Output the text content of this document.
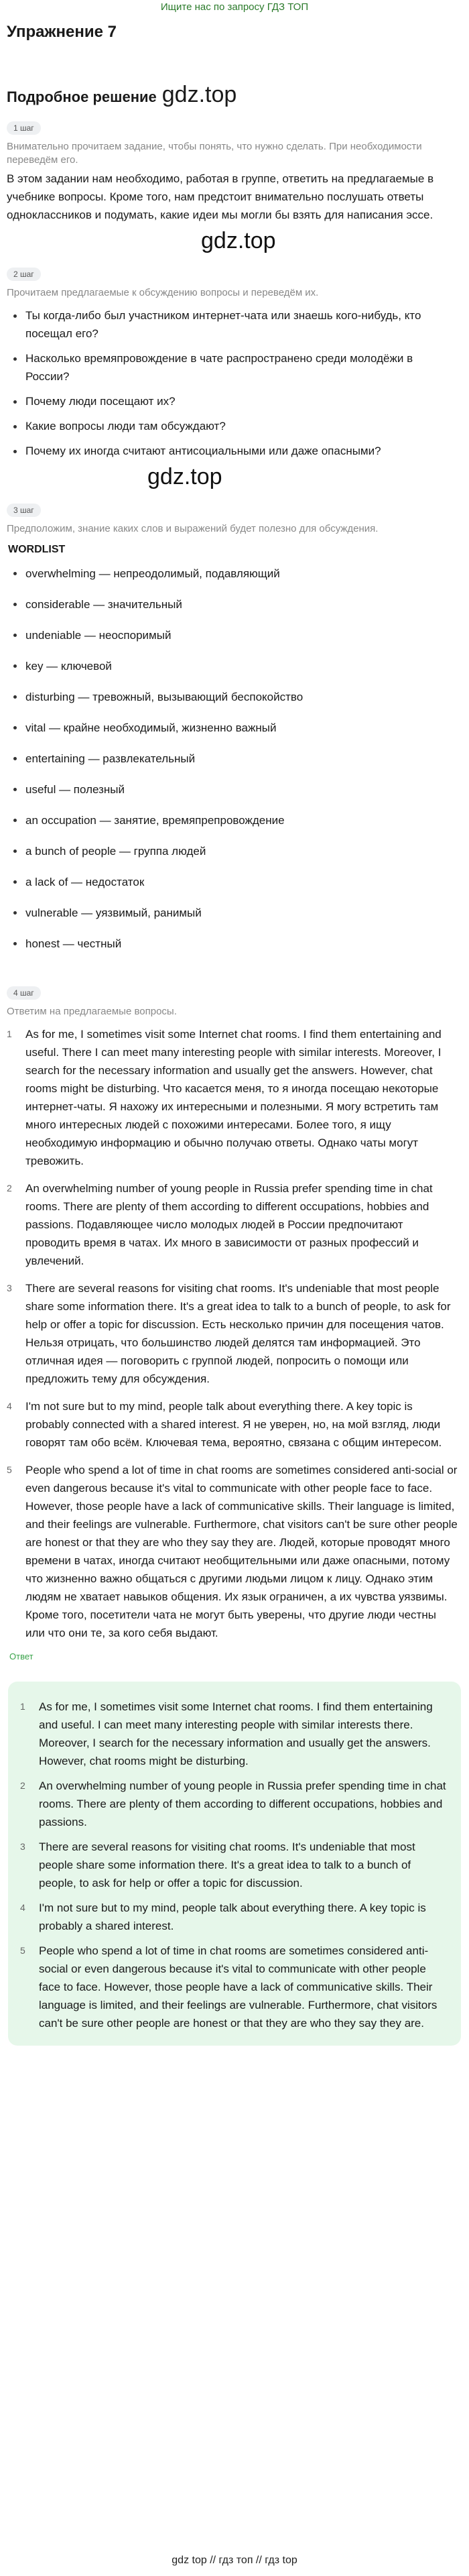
Ищите нас по запросу ГДЗ ТОП
Упражнение 7
Подробное решение gdz.top
1 шаг
Внимательно прочитаем задание, чтобы понять, что нужно сделать. При необходимости переведём его.
В этом задании нам необходимо, работая в группе, ответить на предлагаемые в учебнике вопросы. Кроме того, нам предстоит внимательно послушать ответы одноклассников и подумать, какие идеи мы могли бы взять для написания эссе.
gdz.top
2 шаг
Прочитаем предлагаемые к обсуждению вопросы и переведём их.
Ты когда-либо был участником интернет-чата или знаешь кого-нибудь, кто посещал его?
Насколько времяпровождение в чате распространено среди молодёжи в России?
Почему люди посещают их?
Какие вопросы люди там обсуждают?
Почему их иногда считают антисоциальными или даже опасными?
gdz.top
3 шаг
Предположим, знание каких слов и выражений будет полезно для обсуждения.
WORDLIST
overwhelming — непреодолимый, подавляющий
considerable — значительный
undeniable — неоспоримый
key — ключевой
disturbing — тревожный, вызывающий беспокойство
vital — крайне необходимый, жизненно важный
entertaining — развлекательный
useful — полезный
an occupation — занятие, времяпрепровождение
a bunch of people — группа людей
a lack of — недостаток
vulnerable — уязвимый, ранимый
honest — честный
4 шаг
Ответим на предлагаемые вопросы.
1	As for me, I sometimes visit some Internet chat rooms. I find them entertaining and useful. There I can meet many interesting people with similar interests. Moreover, I search for the necessary information and usually get the answers. However, chat rooms might be disturbing. Что касается меня, то я иногда посещаю некоторые интернет-чаты. Я нахожу их интересными и полезными. Я могу встретить там много интересных людей с похожими интересами. Более того, я ищу необходимую информацию и обычно получаю ответы. Однако чаты могут тревожить.
2	An overwhelming number of young people in Russia prefer spending time in chat rooms. There are plenty of them according to different occupations, hobbies and passions. Подавляющее число молодых людей в России предпочитают проводить время в чатах. Их много в зависимости от разных профессий и увлечений.
3	There are several reasons for visiting chat rooms. It's undeniable that most people share some information there. It's a great idea to talk to a bunch of people, to ask for help or offer a topic for discussion. Есть несколько причин для посещения чатов. Нельзя отрицать, что большинство людей делятся там информацией. Это отличная идея — поговорить с группой людей, попросить о помощи или предложить тему для обсуждения.
4	I'm not sure but to my mind, people talk about everything there. A key topic is probably connected with a shared interest. Я не уверен, но, на мой взгляд, люди говорят там обо всём. Ключевая тема, вероятно, связана с общим интересом.
5	People who spend a lot of time in chat rooms are sometimes considered anti-social or even dangerous because it's vital to communicate with other people face to face. However, those people have a lack of communicative skills. Their language is limited, and their feelings are vulnerable. Furthermore, chat visitors can't be sure other people are honest or that they are who they say they are. Людей, которые проводят много времени в чатах, иногда считают необщительными или даже опасными, потому что жизненно важно общаться с другими людьми лицом к лицу. Однако этим людям не хватает навыков общения. Их язык ограничен, а их чувства уязвимы. Кроме того, посетители чата не могут быть уверены, что другие люди честны или что они те, за кого себя выдают.
Ответ
1	As for me, I sometimes visit some Internet chat rooms. I find them entertaining and useful. I can meet many interesting people with similar interests there. Moreover, I search for the necessary information and usually get the answers. However, chat rooms might be disturbing.
2	An overwhelming number of young people in Russia prefer spending time in chat rooms. There are plenty of them according to different occupations, hobbies and passions.
3	There are several reasons for visiting chat rooms. It's undeniable that most people share some information there. It's a great idea to talk to a bunch of people, to ask for help or offer a topic for discussion.
4	I'm not sure but to my mind, people talk about everything there. A key topic is probably a shared interest.
5	People who spend a lot of time in chat rooms are sometimes considered anti-social or even dangerous because it's vital to communicate with other people face to face. However, those people have a lack of communicative skills. Their language is limited, and their feelings are vulnerable. Furthermore, chat visitors can't be sure other people are honest or that they are who they say they are.
gdz top // гдз топ // гдз top
